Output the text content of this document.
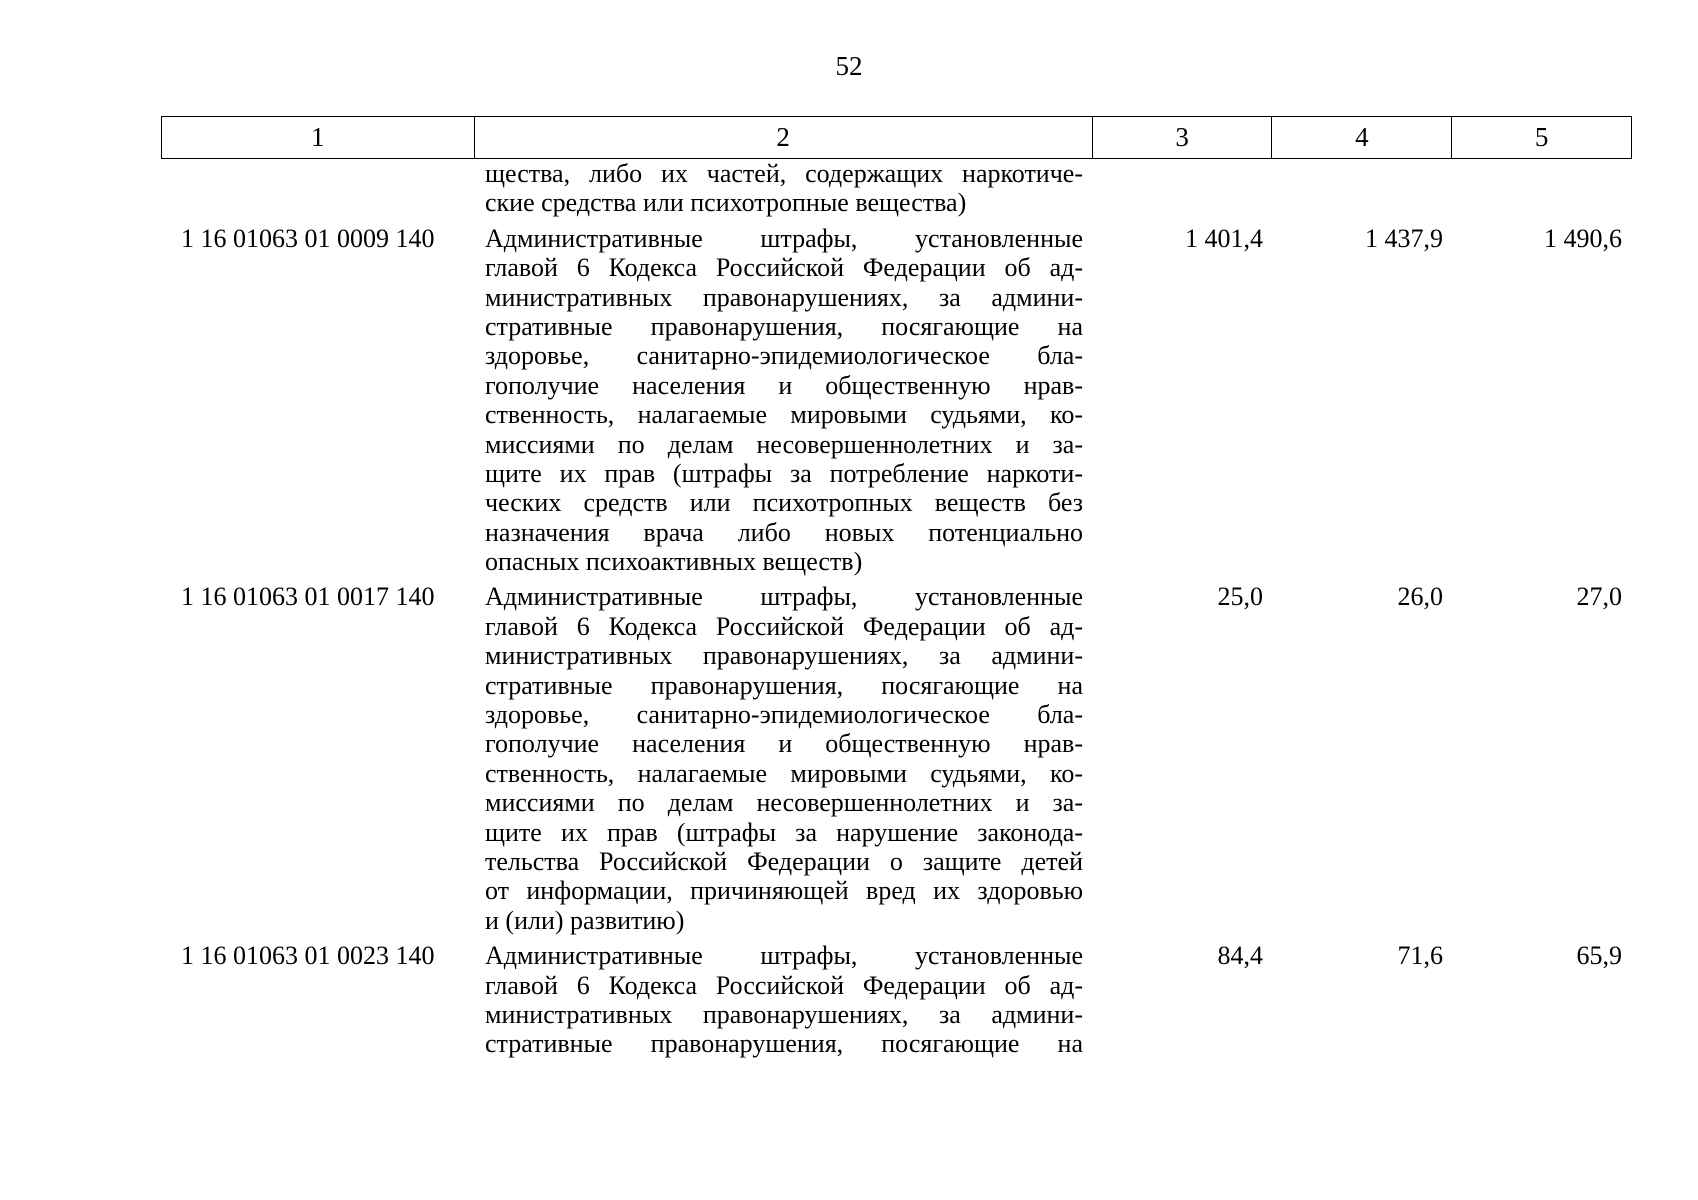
52
1	2	3	4	5
щества, либо их частей, содержащих наркотиче-
ские средства или психотропные вещества)
1 16 01063 01 0009 140	Административные штрафы, установленные
главой 6 Кодекса Российской Федерации об ад-
министративных правонарушениях, за админи-
стративные правонарушения, посягающие на
здоровье, санитарно-эпидемиологическое бла-
гополучие населения и общественную нрав-
ственность, налагаемые мировыми судьями, ко-
миссиями по делам несовершеннолетних и за-
щите их прав (штрафы за потребление наркоти-
ческих средств или психотропных веществ без
назначения врача либо новых потенциально
опасных психоактивных веществ)
1 401,4	1 437,9	1 490,6
1 16 01063 01 0017 140	Административные штрафы, установленные
главой 6 Кодекса Российской Федерации об ад-
министративных правонарушениях, за админи-
стративные правонарушения, посягающие на
здоровье, санитарно-эпидемиологическое бла-
гополучие населения и общественную нрав-
ственность, налагаемые мировыми судьями, ко-
миссиями по делам несовершеннолетних и за-
щите их прав (штрафы за нарушение законода-
тельства Российской Федерации о защите детей
от информации, причиняющей вред их здоровью
и (или) развитию)
25,0	26,0	27,0
1 16 01063 01 0023 140	Административные штрафы, установленные
главой 6 Кодекса Российской Федерации об ад-
министративных правонарушениях, за админи-
стративные правонарушения, посягающие на
84,4	71,6	65,9
